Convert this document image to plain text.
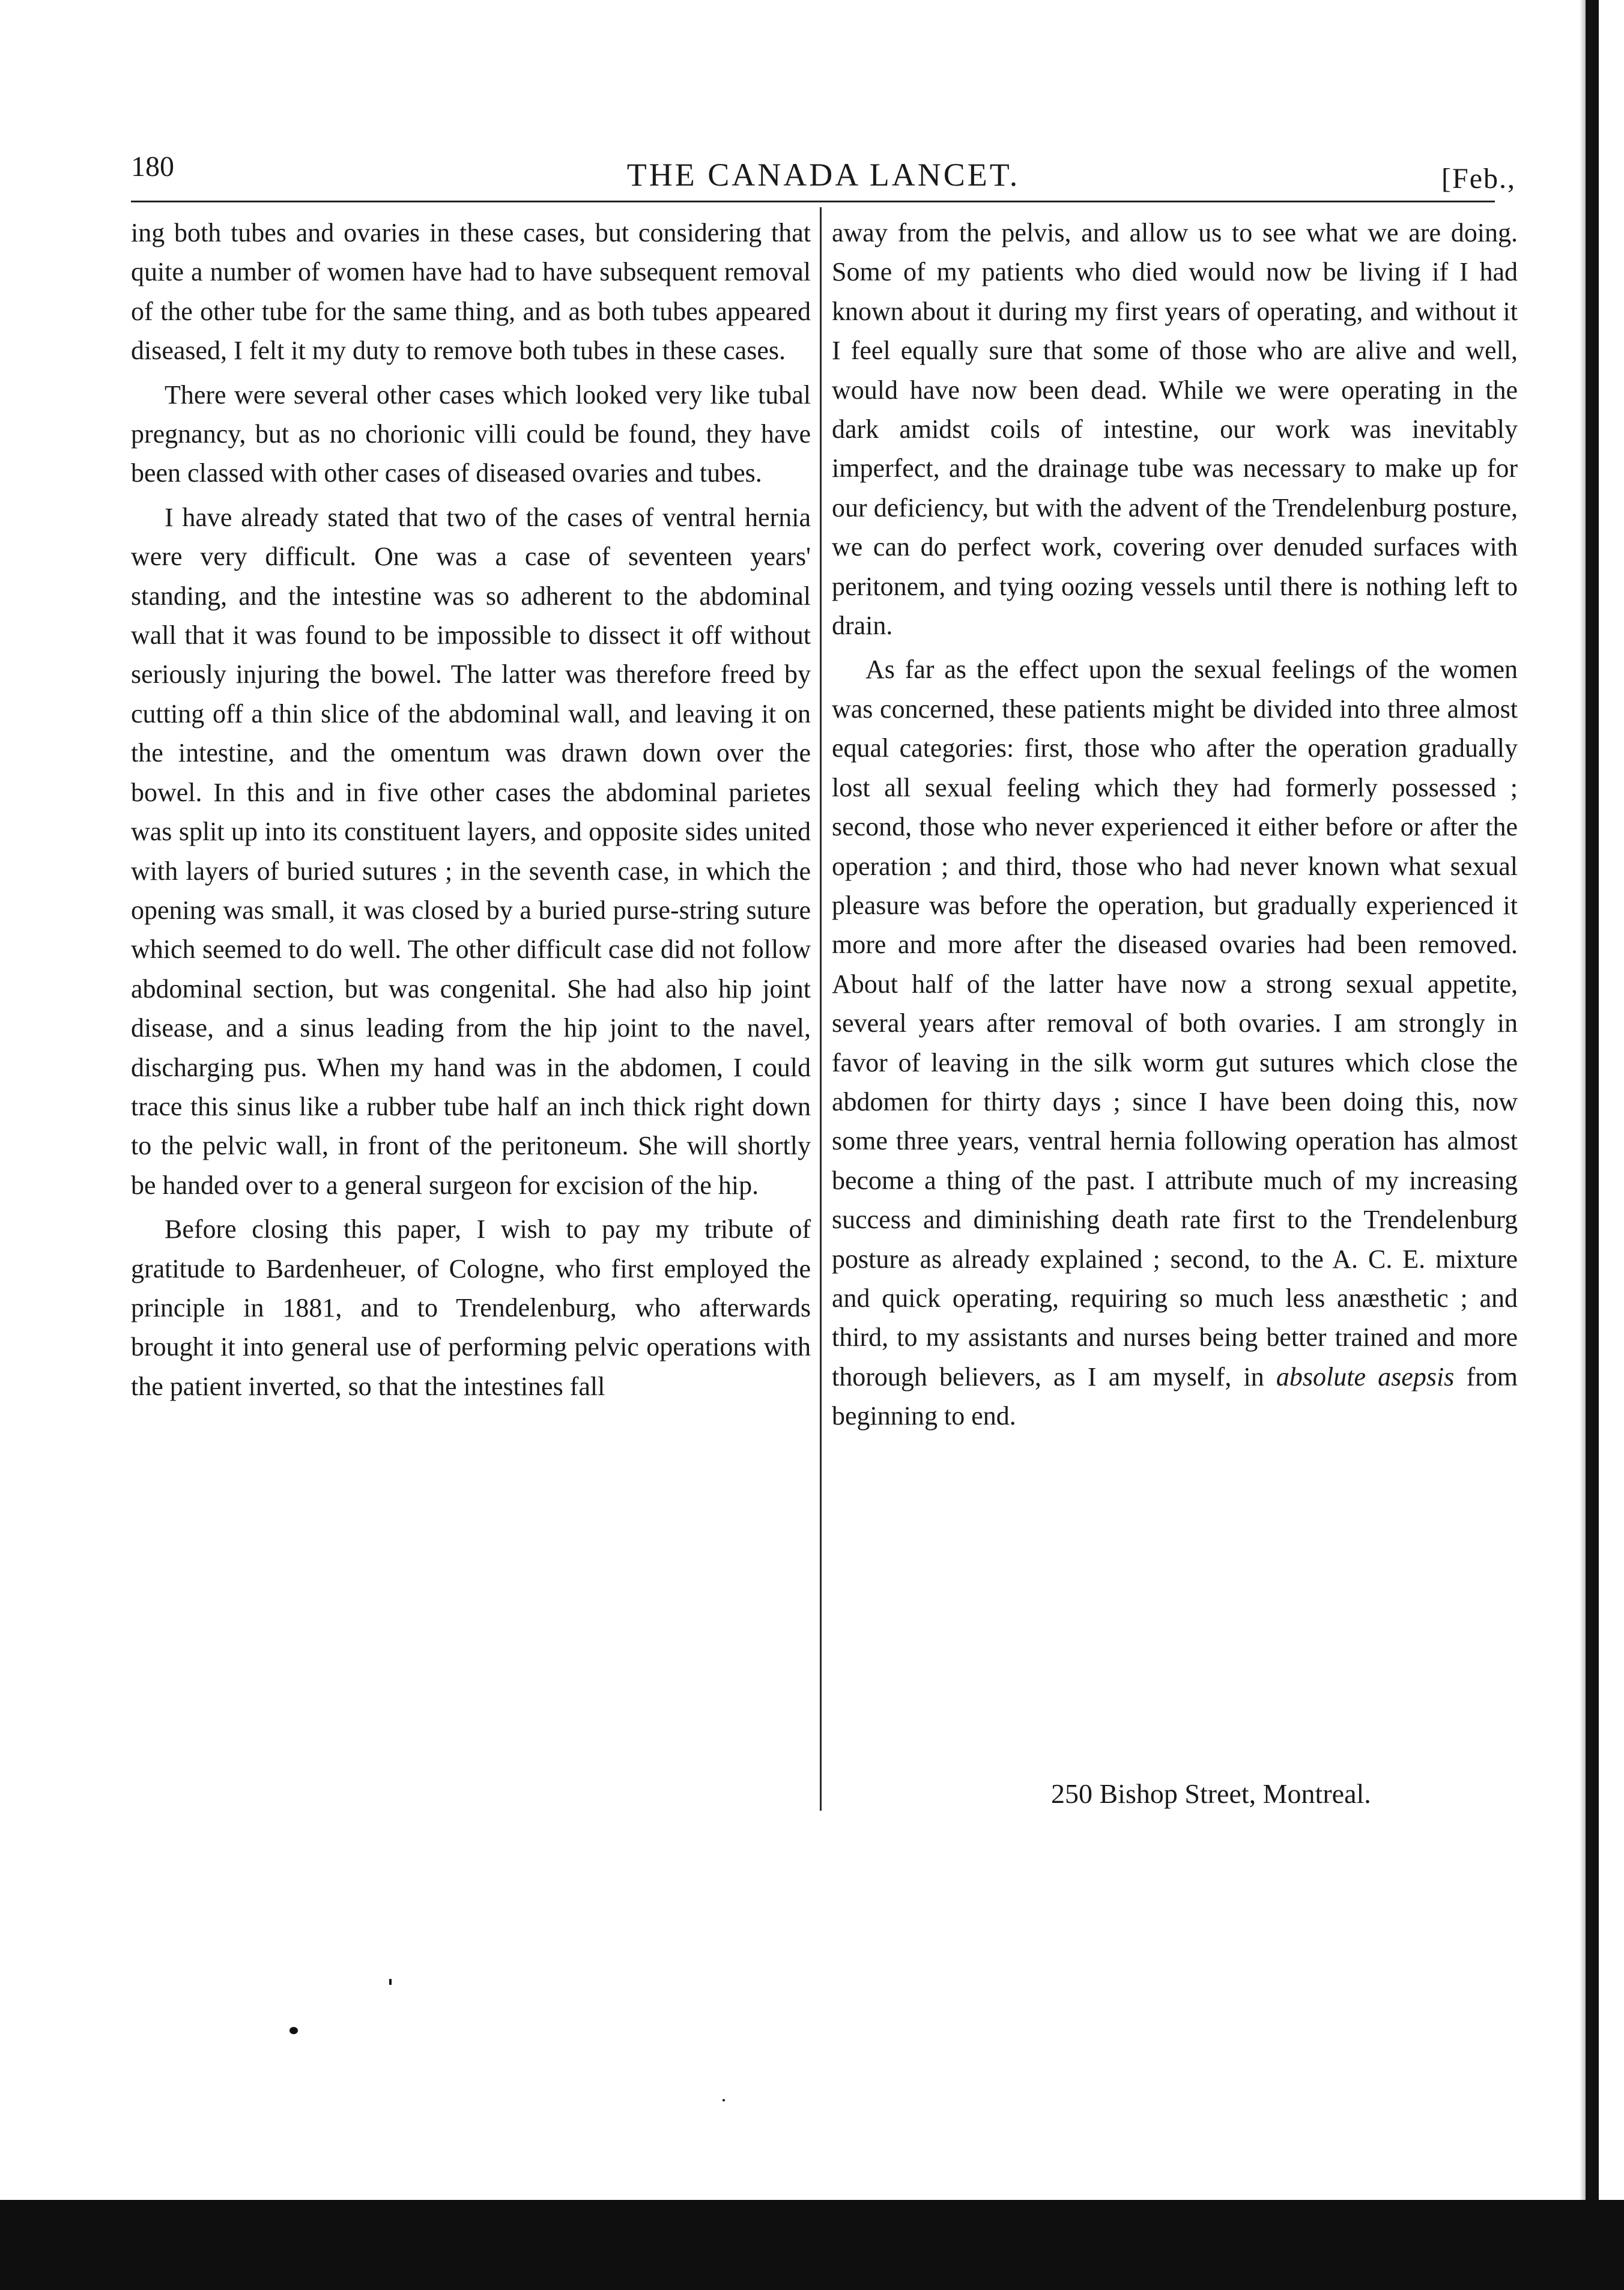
180	THE CANADA LANCET.	[Feb.,

ing both tubes and ovaries in these cases, but considering that quite a number of women have had to have subsequent removal of the other tube for the same thing, and as both tubes appeared diseased, I felt it my duty to remove both tubes in these cases.

There were several other cases which looked very like tubal pregnancy, but as no chorionic villi could be found, they have been classed with other cases of diseased ovaries and tubes.

I have already stated that two of the cases of ventral hernia were very difficult. One was a case of seventeen years' standing, and the intestine was so adherent to the abdominal wall that it was found to be impossible to dissect it off without seriously injuring the bowel. The latter was therefore freed by cutting off a thin slice of the abdominal wall, and leaving it on the intestine, and the omentum was drawn down over the bowel. In this and in five other cases the abdominal parietes was split up into its constituent layers, and opposite sides united with layers of buried sutures ; in the seventh case, in which the opening was small, it was closed by a buried purse-string suture which seemed to do well. The other difficult case did not follow abdominal section, but was congenital. She had also hip joint disease, and a sinus leading from the hip joint to the navel, discharging pus. When my hand was in the abdomen, I could trace this sinus like a rubber tube half an inch thick right down to the pelvic wall, in front of the peritoneum. She will shortly be handed over to a general surgeon for excision of the hip.

Before closing this paper, I wish to pay my tribute of gratitude to Bardenheuer, of Cologne, who first employed the principle in 1881, and to Trendelenburg, who afterwards brought it into general use of performing pelvic operations with the patient inverted, so that the intestines fall

away from the pelvis, and allow us to see what we are doing. Some of my patients who died would now be living if I had known about it during my first years of operating, and without it I feel equally sure that some of those who are alive and well, would have now been dead. While we were operating in the dark amidst coils of intestine, our work was inevitably imperfect, and the drainage tube was necessary to make up for our deficiency, but with the advent of the Trendelenburg posture, we can do perfect work, covering over denuded surfaces with peritonem, and tying oozing vessels until there is nothing left to drain.

As far as the effect upon the sexual feelings of the women was concerned, these patients might be divided into three almost equal categories: first, those who after the operation gradually lost all sexual feeling which they had formerly possessed ; second, those who never experienced it either before or after the operation ; and third, those who had never known what sexual pleasure was before the operation, but gradually experienced it more and more after the diseased ovaries had been removed. About half of the latter have now a strong sexual appetite, several years after removal of both ovaries. I am strongly in favor of leaving in the silk worm gut sutures which close the abdomen for thirty days ; since I have been doing this, now some three years, ventral hernia following operation has almost become a thing of the past. I attribute much of my increasing success and diminishing death rate first to the Trendelenburg posture as already explained ; second, to the A. C. E. mixture and quick operating, requiring so much less anæsthetic ; and third, to my assistants and nurses being better trained and more thorough believers, as I am myself, in absolute asepsis from beginning to end.

250 Bishop Street, Montreal.
